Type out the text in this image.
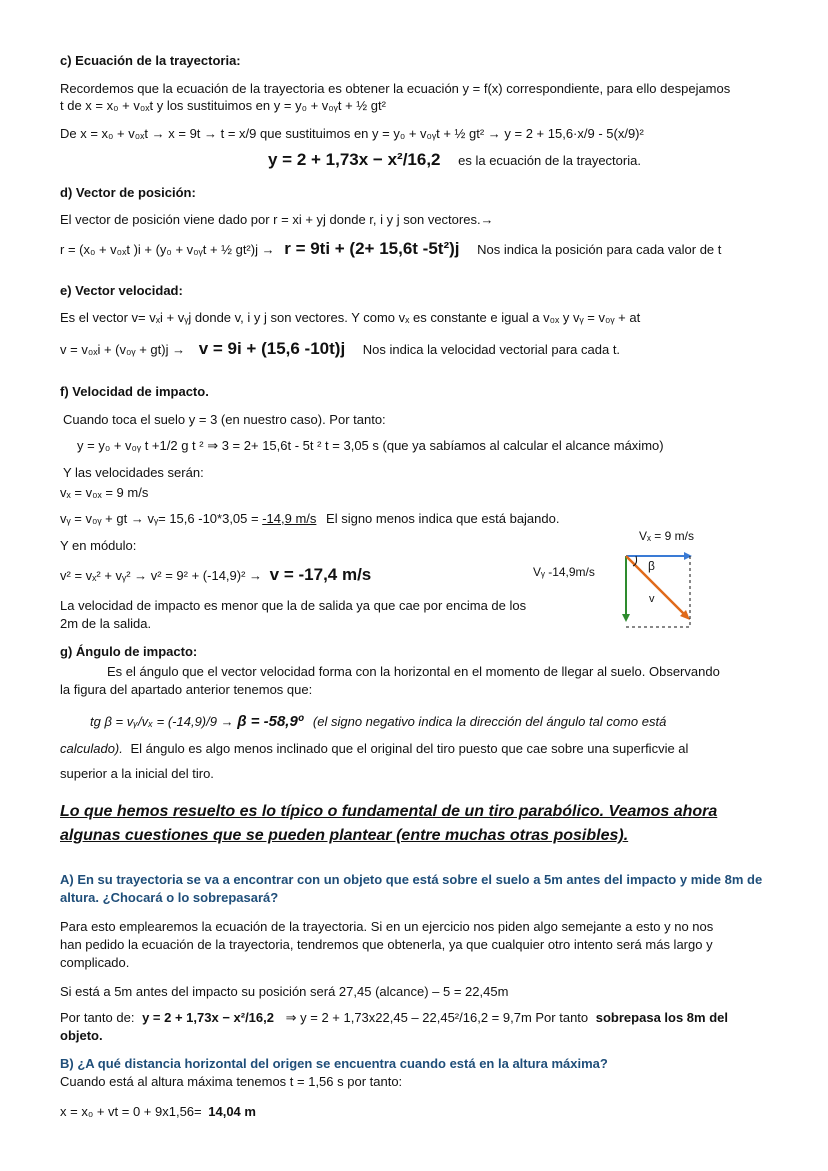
c) Ecuación de la trayectoria:
Recordemos que la ecuación de la trayectoria es obtener la ecuación y = f(x) correspondiente, para ello despejamos
t de x = x₀ + v₀ₓt y los sustituimos en y = y₀ + v₀ᵧt + ½ gt²
De x = x₀ + v₀ₓt → x = 9t → t = x/9 que sustituimos en y = y₀ + v₀ᵧt + ½ gt² → y = 2 + 15,6·x/9 - 5(x/9)²
y = 2 + 1,73x − x²/16,2 es la ecuación de la trayectoria.
d) Vector de posición:
El vector de posición viene dado por r = xi + yj donde r, i y j son vectores.→
r = (x₀ + v₀ₓt )i + (y₀ + v₀ᵧt + ½ gt²)j → r = 9ti + (2+ 15,6t -5t²)j Nos indica la posición para cada valor de t
e) Vector velocidad:
Es el vector v= vₓi + vᵧj donde v, i y j son vectores. Y como vₓ es constante e igual a v₀ₓ y vᵧ = v₀ᵧ + at
v = v₀ₓi + (v₀ᵧ + gt)j → v = 9i + (15,6 -10t)j Nos indica la velocidad vectorial para cada t.
f) Velocidad de impacto.
Cuando toca el suelo y = 3 (en nuestro caso). Por tanto:
y = y₀ + v₀ᵧ t +1/2 g t ² ⇒ 3 = 2+ 15,6t - 5t ² t = 3,05 s (que ya sabíamos al calcular el alcance máximo)
Y las velocidades serán:
vₓ = v₀ₓ = 9 m/s
vᵧ = v₀ᵧ + gt → vᵧ= 15,6 -10*3,05 = -14,9 m/s El signo menos indica que está bajando.
Y en módulo:
v² = vₓ² + vᵧ² → v² = 9² + (-14,9)² → v = -17,4 m/s
La velocidad de impacto es menor que la de salida ya que cae por encima de los
2m de la salida.
Vᵧ -14,9m/s
Vₓ = 9 m/s
β
v
g) Ángulo de impacto:
Es el ángulo que el vector velocidad forma con la horizontal en el momento de llegar al suelo. Observando
la figura del apartado anterior tenemos que:
tg β = vᵧ/vₓ = (-14,9)/9 → β = -58,9º (el signo negativo indica la dirección del ángulo tal como está
calculado). El ángulo es algo menos inclinado que el original del tiro puesto que cae sobre una superficvie al
superior a la inicial del tiro.
Lo que hemos resuelto es lo típico o fundamental de un tiro parabólico. Veamos ahora
algunas cuestiones que se pueden plantear (entre muchas otras posibles).
A) En su trayectoria se va a encontrar con un objeto que está sobre el suelo a 5m antes del impacto y mide 8m de
altura. ¿Chocará o lo sobrepasará?
Para esto emplearemos la ecuación de la trayectoria. Si en un ejercicio nos piden algo semejante a esto y no nos
han pedido la ecuación de la trayectoria, tendremos que obtenerla, ya que cualquier otro intento será más largo y
complicado.
Si está a 5m antes del impacto su posición será 27,45 (alcance) – 5 = 22,45m
Por tanto de: y = 2 + 1,73x − x²/16,2 ⇒ y = 2 + 1,73x22,45 – 22,45²/16,2 = 9,7m Por tanto sobrepasa los 8m del
objeto.
B) ¿A qué distancia horizontal del origen se encuentra cuando está en la altura máxima?
Cuando está al altura máxima tenemos t = 1,56 s por tanto:
x = x₀ + vt = 0 + 9x1,56= 14,04 m
